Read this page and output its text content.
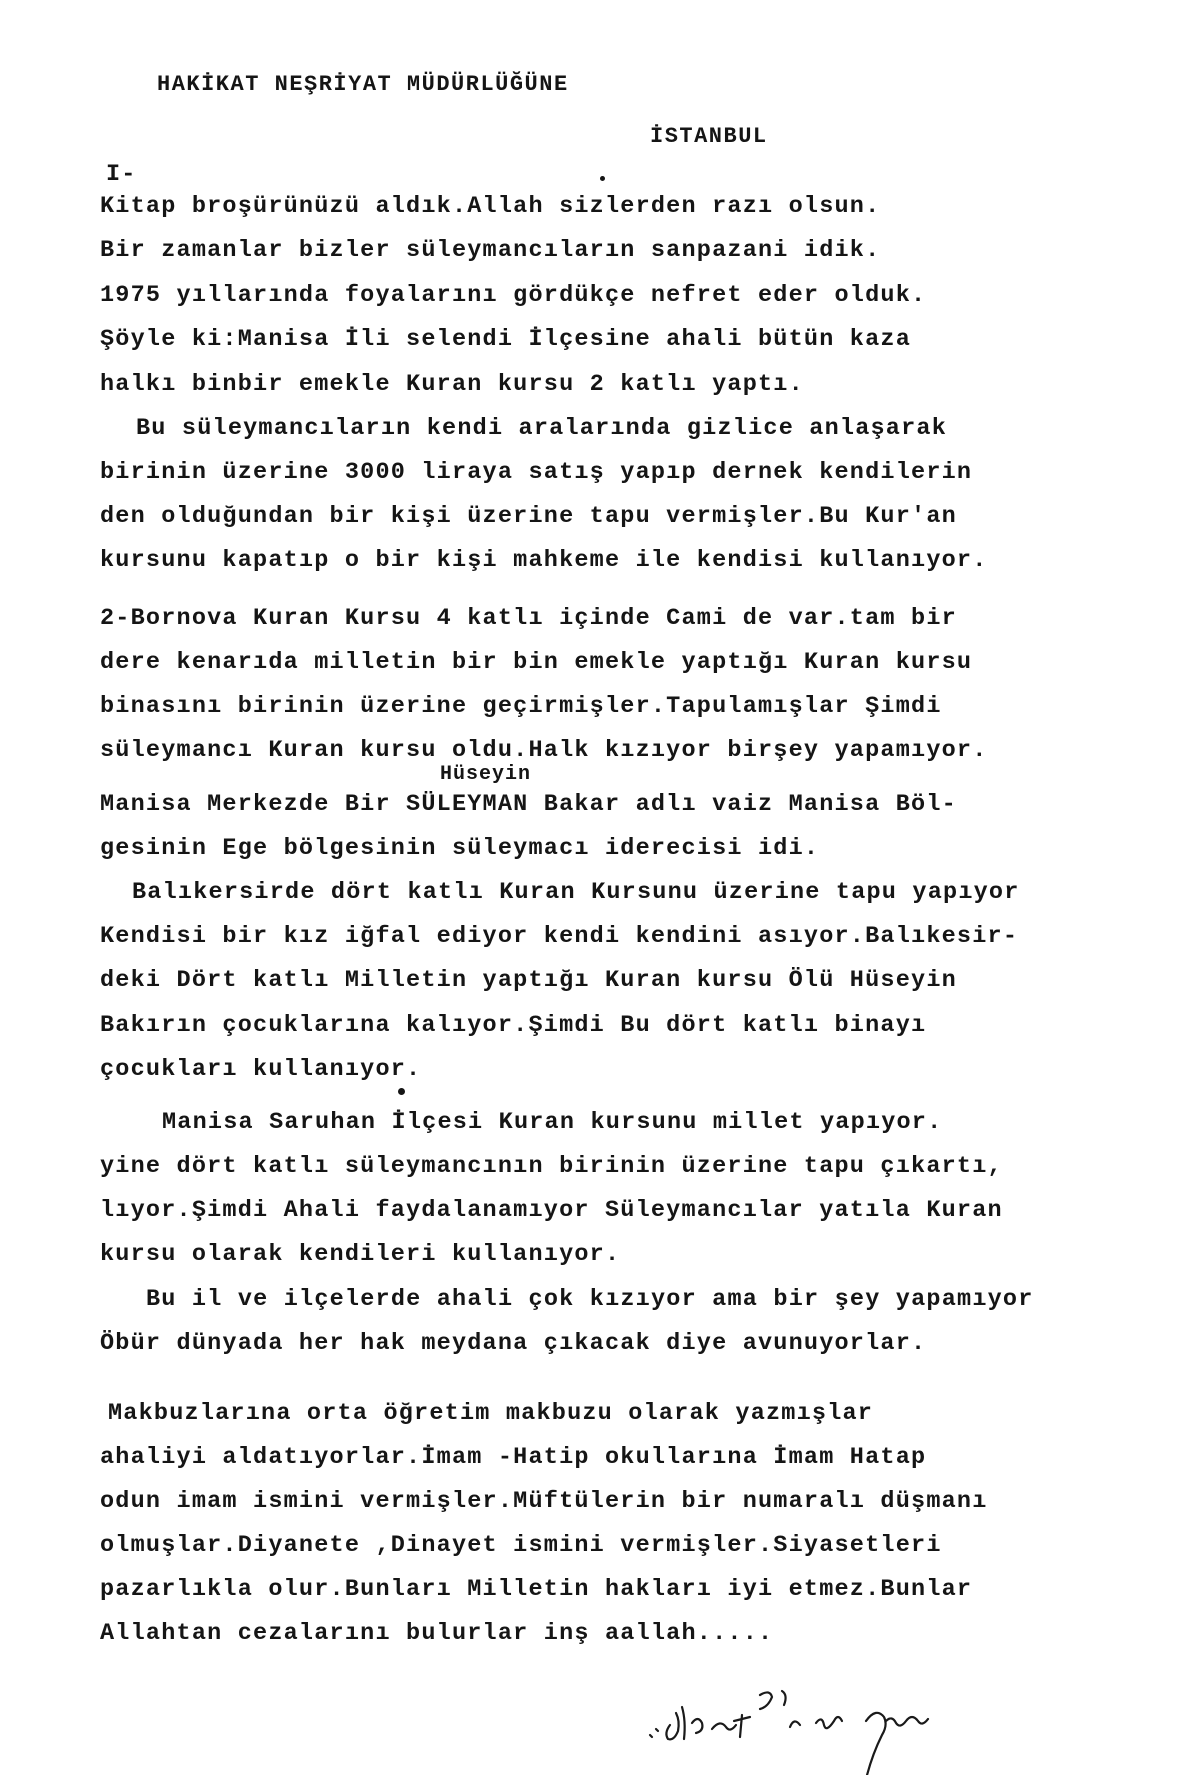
HAKİKAT NEŞRİYAT MÜDÜRLÜĞÜNE
İSTANBUL
I-
Kitap broşürünüzü aldık.Allah sizlerden razı olsun.
Bir zamanlar bizler süleymancıların sanpazani idik.
1975 yıllarında foyalarını gördükçe nefret eder olduk.
Şöyle ki:Manisa İli selendi İlçesine ahali bütün kaza
halkı binbir emekle Kuran kursu 2 katlı yaptı.
Bu süleymancıların kendi aralarında gizlice anlaşarak
birinin üzerine 3000 liraya satış yapıp dernek kendilerin
den olduğundan bir kişi üzerine tapu vermişler.Bu Kur'an
kursunu kapatıp o bir kişi mahkeme ile kendisi kullanıyor.
2-Bornova Kuran Kursu 4 katlı içinde Cami de var.tam bir
dere kenarıda milletin bir bin emekle yaptığı Kuran kursu
binasını birinin üzerine geçirmişler.Tapulamışlar Şimdi
süleymancı Kuran kursu oldu.Halk kızıyor birşey yapamıyor.
Hüseyin
Manisa Merkezde Bir SÜLEYMAN Bakar adlı vaiz Manisa Böl-
gesinin Ege bölgesinin süleymacı iderecisi idi.
Balıkersirde dört katlı Kuran Kursunu üzerine tapu yapıyor
Kendisi bir kız iğfal ediyor kendi kendini asıyor.Balıkesir-
deki Dört katlı Milletin yaptığı Kuran kursu Ölü Hüseyin
Bakırın çocuklarına kalıyor.Şimdi Bu dört katlı binayı
çocukları kullanıyor.
Manisa Saruhan İlçesi Kuran kursunu millet yapıyor.
yine dört katlı süleymancının birinin üzerine tapu çıkartı,
lıyor.Şimdi Ahali faydalanamıyor Süleymancılar yatıla Kuran
kursu olarak kendileri kullanıyor.
Bu il ve ilçelerde ahali çok kızıyor ama bir şey yapamıyor
Öbür dünyada her hak meydana çıkacak diye avunuyorlar.
Makbuzlarına orta öğretim makbuzu olarak yazmışlar
ahaliyi aldatıyorlar.İmam -Hatip okullarına İmam Hatap
odun imam ismini vermişler.Müftülerin bir numaralı düşmanı
olmuşlar.Diyanete ,Dinayet ismini vermişler.Siyasetleri
pazarlıkla olur.Bunları Milletin hakları iyi etmez.Bunlar
Allahtan cezalarını bulurlar inş aallah.....
